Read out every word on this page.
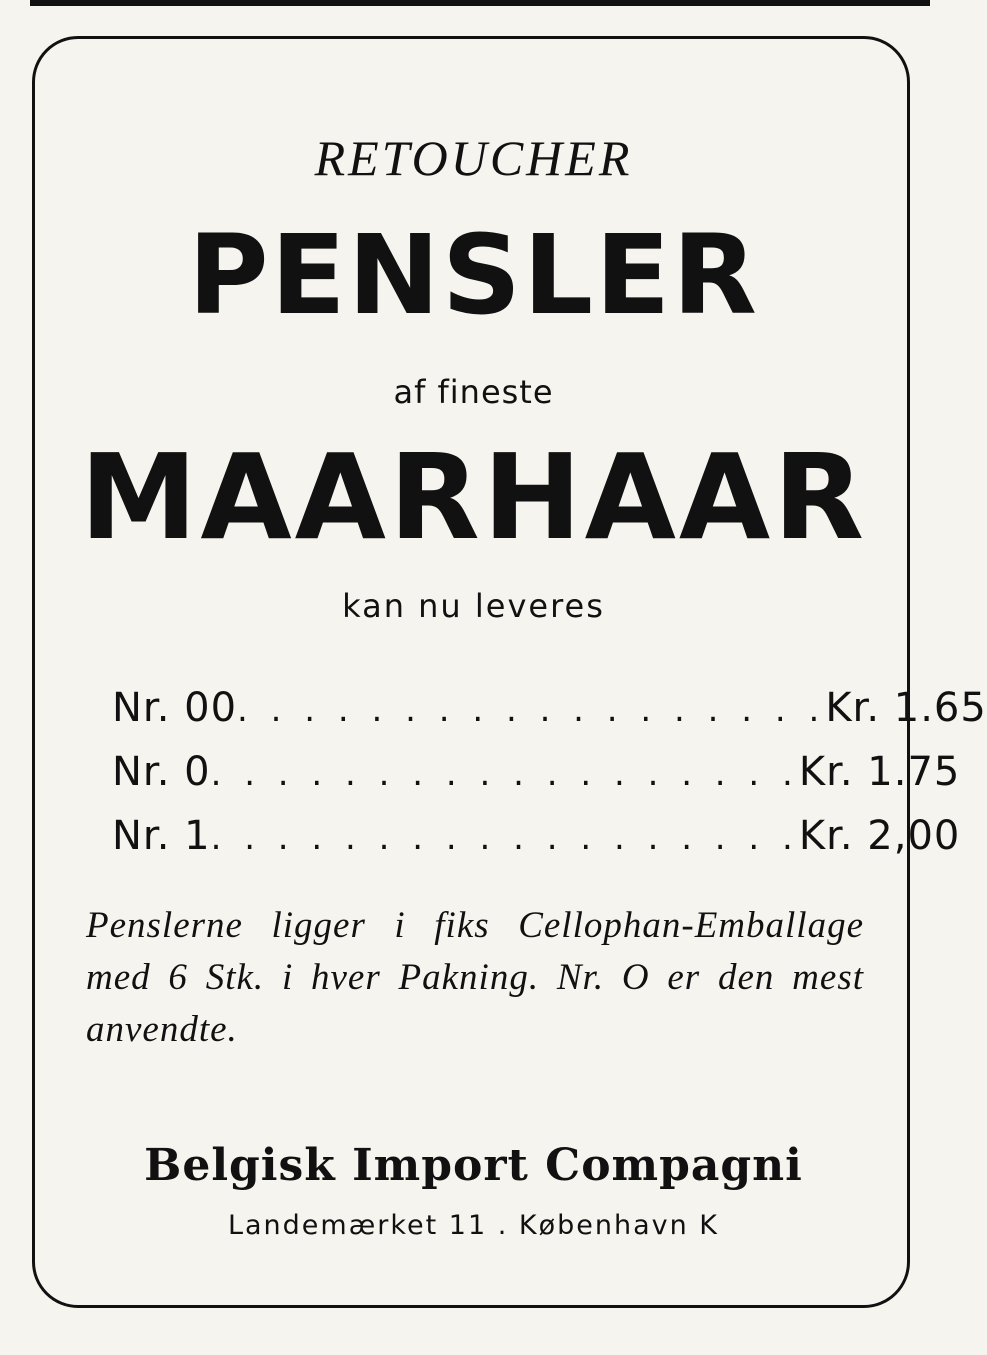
RETOUCHER
PENSLER
af fineste
MAARHAAR
kan nu leveres
Nr. 00 . . . . . . . . . . . . . . . . . . Kr. 1.65
Nr. 0 . . . . . . . . . . . . . . . . . . Kr. 1.75
Nr. 1 . . . . . . . . . . . . . . . . . . Kr. 2,00
Penslerne ligger i fiks Cellophan-Emballage med 6 Stk. i hver Pakning. Nr. O er den mest anvendte.
Belgisk Import Compagni
Landemærket 11 . København K
